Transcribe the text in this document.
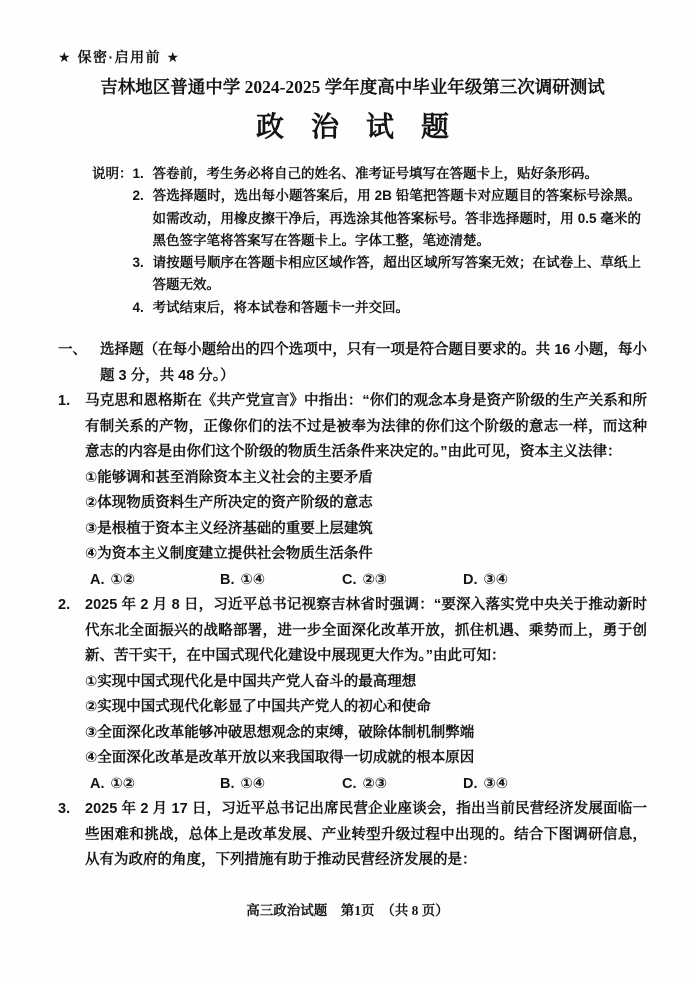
★ 保密·启用前 ★
吉林地区普通中学 2024-2025 学年度高中毕业年级第三次调研测试
政 治 试 题
说明： 1. 答卷前，考生务必将自己的姓名、准考证号填写在答题卡上，贴好条形码。
2. 答选择题时，选出每小题答案后，用 2B 铅笔把答题卡对应题目的答案标号涂黑。如需改动，用橡皮擦干净后，再选涂其他答案标号。答非选择题时，用 0.5 毫米的黑色签字笔将答案写在答题卡上。字体工整，笔迹清楚。
3. 请按题号顺序在答题卡相应区域作答，超出区域所写答案无效；在试卷上、草纸上答题无效。
4. 考试结束后，将本试卷和答题卡一并交回。
一、 选择题（在每小题给出的四个选项中，只有一项是符合题目要求的。共 16 小题，每小题 3 分，共 48 分。）
1. 马克思和恩格斯在《共产党宣言》中指出：“你们的观念本身是资产阶级的生产关系和所有制关系的产物，正像你们的法不过是被奉为法律的你们这个阶级的意志一样，而这种意志的内容是由你们这个阶级的物质生活条件来决定的。”由此可见，资本主义法律：
①能够调和甚至消除资本主义社会的主要矛盾
②体现物质资料生产所决定的资产阶级的意志
③是根植于资本主义经济基础的重要上层建筑
④为资本主义制度建立提供社会物质生活条件
A. ①②	B. ①④	C. ②③	D. ③④
2. 2025 年 2 月 8 日，习近平总书记视察吉林省时强调：“要深入落实党中央关于推动新时代东北全面振兴的战略部署，进一步全面深化改革开放，抓住机遇、乘势而上，勇于创新、苦干实干，在中国式现代化建设中展现更大作为。”由此可知：
①实现中国式现代化是中国共产党人奋斗的最高理想
②实现中国式现代化彰显了中国共产党人的初心和使命
③全面深化改革能够冲破思想观念的束缚，破除体制机制弊端
④全面深化改革是改革开放以来我国取得一切成就的根本原因
A. ①②	B. ①④	C. ②③	D. ③④
3. 2025 年 2 月 17 日，习近平总书记出席民营企业座谈会，指出当前民营经济发展面临一些困难和挑战，总体上是改革发展、产业转型升级过程中出现的。结合下图调研信息，从有为政府的角度，下列措施有助于推动民营经济发展的是：
高三政治试题　第1页　（共 8 页）
